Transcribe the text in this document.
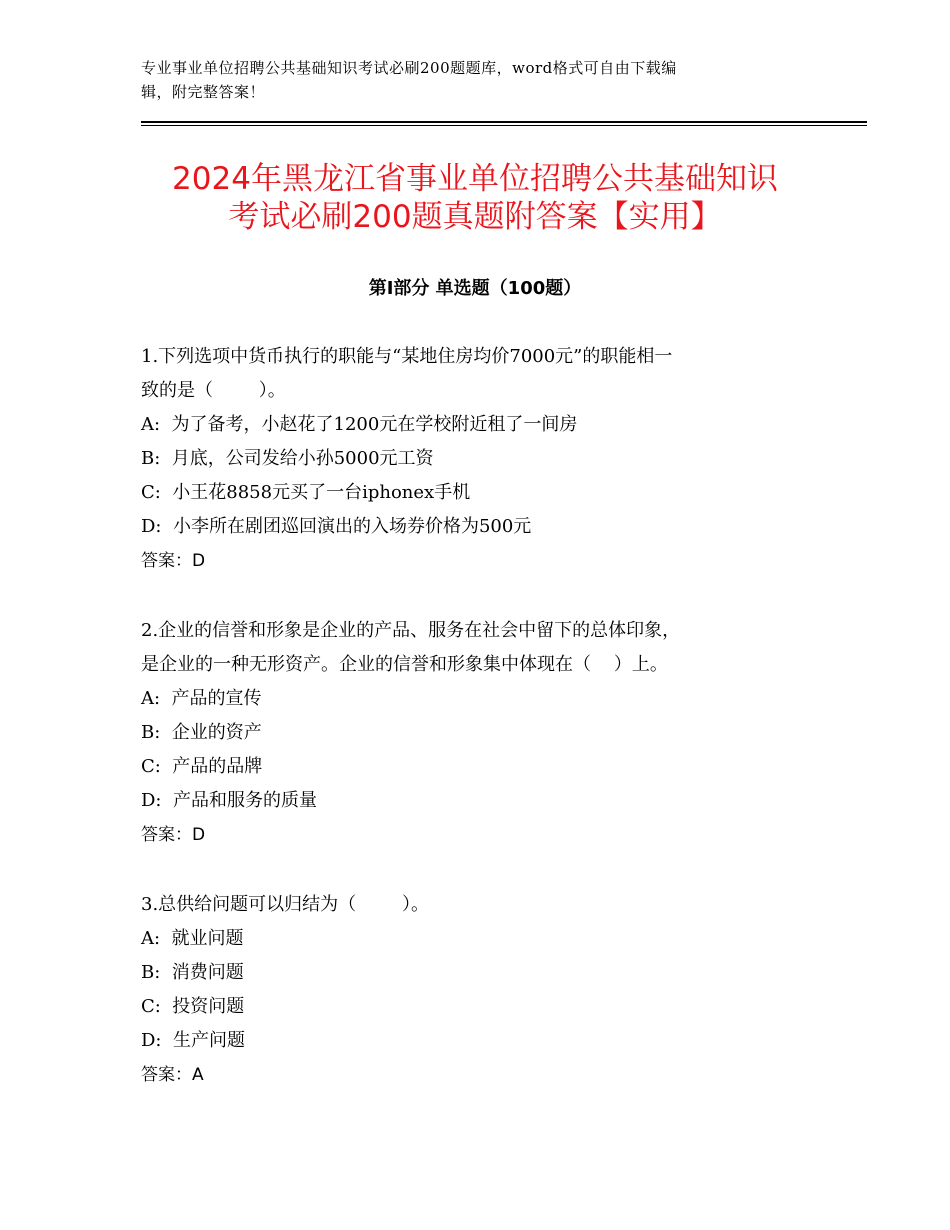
专业事业单位招聘公共基础知识考试必刷200题题库，word格式可自由下载编
辑，附完整答案！
2024年黑龙江省事业单位招聘公共基础知识
考试必刷200题真题附答案【实用】
第Ⅰ部分 单选题（100题）
1.下列选项中货币执行的职能与“某地住房均价7000元”的职能相一
致的是（        ）。
A:  为了备考，小赵花了1200元在学校附近租了一间房
B:  月底，公司发给小孙5000元工资
C:  小王花8858元买了一台iphonex手机
D:  小李所在剧团巡回演出的入场券价格为500元
答案：D
2.企业的信誉和形象是企业的产品、服务在社会中留下的总体印象，
是企业的一种无形资产。企业的信誉和形象集中体现在（    ）上。
A:  产品的宣传
B:  企业的资产
C:  产品的品牌
D:  产品和服务的质量
答案：D
3.总供给问题可以归结为（        ）。
A:  就业问题
B:  消费问题
C:  投资问题
D:  生产问题
答案：A
